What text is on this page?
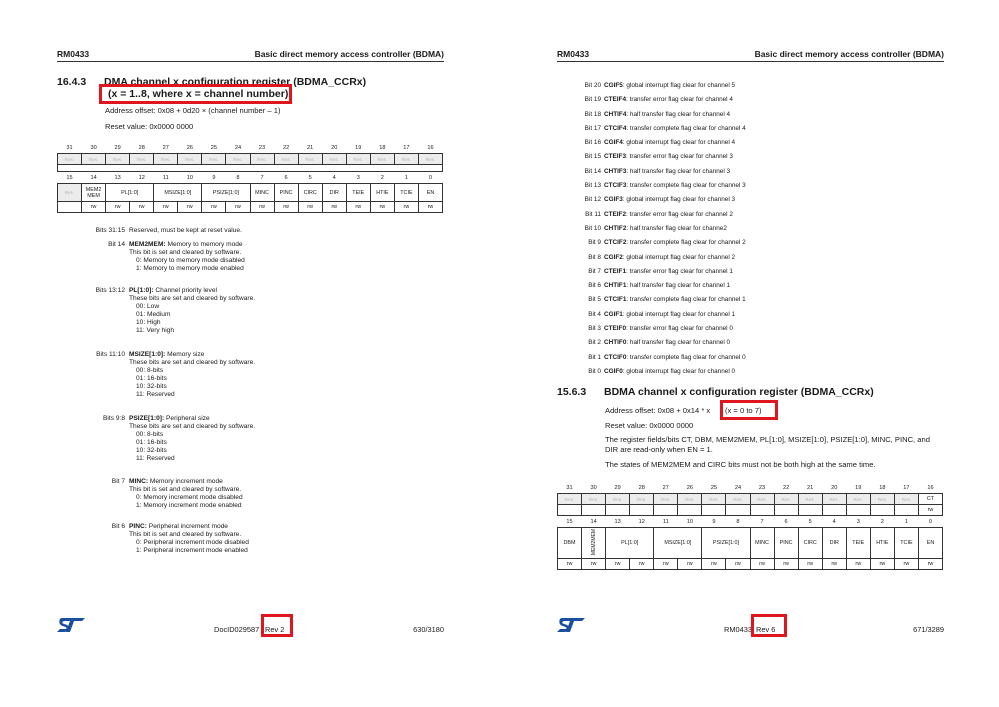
RM0433	Basic direct memory access controller (BDMA)
16.4.3 DMA channel x configuration register (BDMA_CCRx)
(x = 1..8, where x = channel number)
Address offset: 0x08 + 0d20 × (channel number – 1)
Reset value: 0x0000 0000
31	30	29	28	27	26	25	24	23	22	21	20	19	18	17	16
Res.	Res.	Res.	Res.	Res.	Res.	Res.	Res.	Res.	Res.	Res.	Res.	Res.	Res.	Res.	Res.

15	14	13	12	11	10	9	8	7	6	5	4	3	2	1	0
Res.	MEM2 MEM	PL[1:0]		MSIZE[1:0]		PSIZE[1:0]		MINC	PINC	CIRC	DIR	TEIE	HTIE	TCIE	EN
	rw	rw	rw	rw	rw	rw	rw	rw	rw	rw	rw	rw	rw	rw	rw
Bits 31:15 Reserved, must be kept at reset value.
Bit 14 MEM2MEM: Memory to memory mode
This bit is set and cleared by software.
0: Memory to memory mode disabled
1: Memory to memory mode enabled
Bits 13:12 PL[1:0]: Channel priority level
These bits are set and cleared by software.
00: Low
01: Medium
10: High
11: Very high
Bits 11:10 MSIZE[1:0]: Memory size
These bits are set and cleared by software.
00: 8-bits
01: 16-bits
10: 32-bits
11: Reserved
Bits 9:8 PSIZE[1:0]: Peripheral size
These bits are set and cleared by software.
00: 8-bits
01: 16-bits
10: 32-bits
11: Reserved
Bit 7 MINC: Memory increment mode
This bit is set and cleared by software.
0: Memory increment mode disabled
1: Memory increment mode enabled
Bit 6 PINC: Peripheral increment mode
This bit is set and cleared by software.
0: Peripheral increment mode disabled
1: Peripheral increment mode enabled
DocID029587 Rev 2	630/3180
RM0433	Basic direct memory access controller (BDMA)
Bit 20 CGIF5: global interrupt flag clear for channel 5
Bit 19 CTEIF4: transfer error flag clear for channel 4
Bit 18 CHTIF4: half transfer flag clear for channel 4
Bit 17 CTCIF4: transfer complete flag clear for channel 4
Bit 16 CGIF4: global interrupt flag clear for channel 4
Bit 15 CTEIF3: transfer error flag clear for channel 3
Bit 14 CHTIF3: half transfer flag clear for channel 3
Bit 13 CTCIF3: transfer complete flag clear for channel 3
Bit 12 CGIF3: global interrupt flag clear for channel 3
Bit 11 CTEIF2: transfer error flag clear for channel 2
Bit 10 CHTIF2: half transfer flag clear for channe2
Bit 9 CTCIF2: transfer complete flag clear for channel 2
Bit 8 CGIF2: global interrupt flag clear for channel 2
Bit 7 CTEIF1: transfer error flag clear for channel 1
Bit 6 CHTIF1: half transfer flag clear for channel 1
Bit 5 CTCIF1: transfer complete flag clear for channel 1
Bit 4 CGIF1: global interrupt flag clear for channel 1
Bit 3 CTEIF0: transfer error flag clear for channel 0
Bit 2 CHTIF0: half transfer flag clear for channel 0
Bit 1 CTCIF0: transfer complete flag clear for channel 0
Bit 0 CGIF0: global interrupt flag clear for channel 0
15.6.3 BDMA channel x configuration register (BDMA_CCRx)
Address offset: 0x08 + 0x14 * x (x = 0 to 7)
Reset value: 0x0000 0000
The register fields/bits CT, DBM, MEM2MEM, PL[1:0], MSIZE[1:0], PSIZE[1:0], MINC, PINC, and DIR are read-only when EN = 1.
The states of MEM2MEM and CIRC bits must not be both high at the same time.
31	30	29	28	27	26	25	24	23	22	21	20	19	18	17	16
Res.	Res.	Res.	Res.	Res.	Res.	Res.	Res.	Res.	Res.	Res.	Res.	Res.	Res.	Res.	CT
															rw
15	14	13	12	11	10	9	8	7	6	5	4	3	2	1	0
DBM	MEM2MEM	PL[1:0]		MSIZE[1:0]		PSIZE[1:0]		MINC	PINC	CIRC	DIR	TEIE	HTIE	TCIE	EN
rw	rw	rw	rw	rw	rw	rw	rw	rw	rw	rw	rw	rw	rw	rw	rw
RM0433 Rev 6	671/3289
